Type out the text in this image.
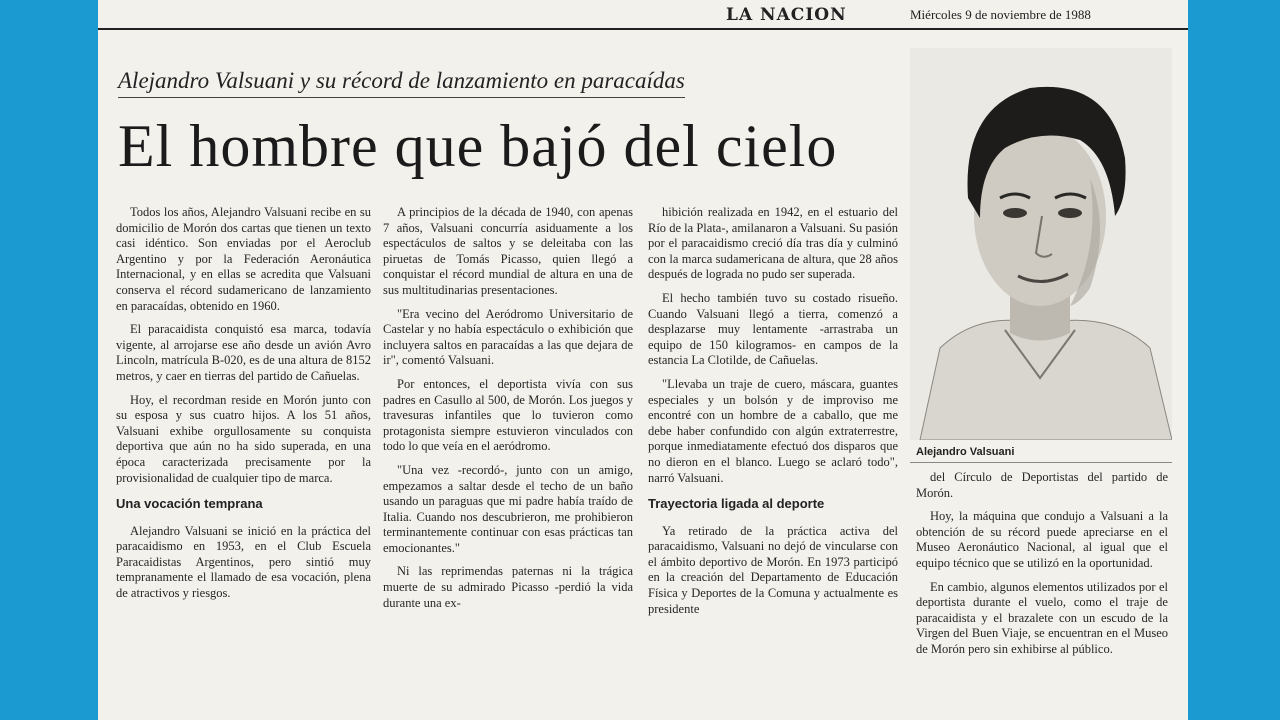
LA NACION	Miércoles 9 de noviembre de 1988
Alejandro Valsuani y su récord de lanzamiento en paracaídas
El hombre que bajó del cielo

Todos los años, Alejandro Valsuani recibe en su domicilio de Morón dos cartas que tienen un texto casi idéntico. Son enviadas por el Aeroclub Argentino y por la Federación Aeronáutica Internacional, y en ellas se acredita que Valsuani conserva el récord sudamericano de lanzamiento en paracaídas, obtenido en 1960.

El paracaidista conquistó esa marca, todavía vigente, al arrojarse ese año desde un avión Avro Lincoln, matrícula B-020, es de una altura de 8152 metros, y caer en tierras del partido de Cañuelas.

Hoy, el recordman reside en Morón junto con su esposa y sus cuatro hijos. A los 51 años, Valsuani exhibe orgullosamente su conquista deportiva que aún no ha sido superada, en una época caracterizada precisamente por la provisionalidad de cualquier tipo de marca.

Una vocación temprana

Alejandro Valsuani se inició en la práctica del paracaidismo en 1953, en el Club Escuela Paracaidistas Argentinos, pero sintió muy tempranamente el llamado de esa vocación, plena de atractivos y riesgos.

A principios de la década de 1940, con apenas 7 años, Valsuani concurría asiduamente a los espectáculos de saltos y se deleitaba con las piruetas de Tomás Picasso, quien llegó a conquistar el récord mundial de altura en una de sus multitudinarias presentaciones.

"Era vecino del Aeródromo Universitario de Castelar y no había espectáculo o exhibición que incluyera saltos en paracaídas a las que dejara de ir", comentó Valsuani.

Por entonces, el deportista vivía con sus padres en Casullo al 500, de Morón. Los juegos y travesuras infantiles que lo tuvieron como protagonista siempre estuvieron vinculados con todo lo que veía en el aeródromo.

"Una vez -recordó-, junto con un amigo, empezamos a saltar desde el techo de un baño usando un paraguas que mi padre había traído de Italia. Cuando nos descubrieron, me prohibieron terminantemente continuar con esas prácticas tan emocionantes."

Ni las reprimendas paternas ni la trágica muerte de su admirado Picasso -perdió la vida durante una ex-

hibición realizada en 1942, en el estuario del Río de la Plata-, amilanaron a Valsuani. Su pasión por el paracaidismo creció día tras día y culminó con la marca sudamericana de altura, que 28 años después de lograda no pudo ser superada.

El hecho también tuvo su costado risueño. Cuando Valsuani llegó a tierra, comenzó a desplazarse muy lentamente -arrastraba un equipo de 150 kilogramos- en campos de la estancia La Clotilde, de Cañuelas.

"Llevaba un traje de cuero, máscara, guantes especiales y un bolsón y de improviso me encontré con un hombre de a caballo, que me debe haber confundido con algún extraterrestre, porque inmediatamente efectuó dos disparos que no dieron en el blanco. Luego se aclaró todo", narró Valsuani.

Trayectoria ligada al deporte

Ya retirado de la práctica activa del paracaidismo, Valsuani no dejó de vincularse con el ámbito deportivo de Morón. En 1973 participó en la creación del Departamento de Educación Física y Deportes de la Comuna y actualmente es presidente

Alejandro Valsuani

del Círculo de Deportistas del partido de Morón.

Hoy, la máquina que condujo a Valsuani a la obtención de su récord puede apreciarse en el Museo Aeronáutico Nacional, al igual que el equipo técnico que se utilizó en la oportunidad.

En cambio, algunos elementos utilizados por el deportista durante el vuelo, como el traje de paracaidista y el brazalete con un escudo de la Virgen del Buen Viaje, se encuentran en el Museo de Morón pero sin exhibirse al público.
